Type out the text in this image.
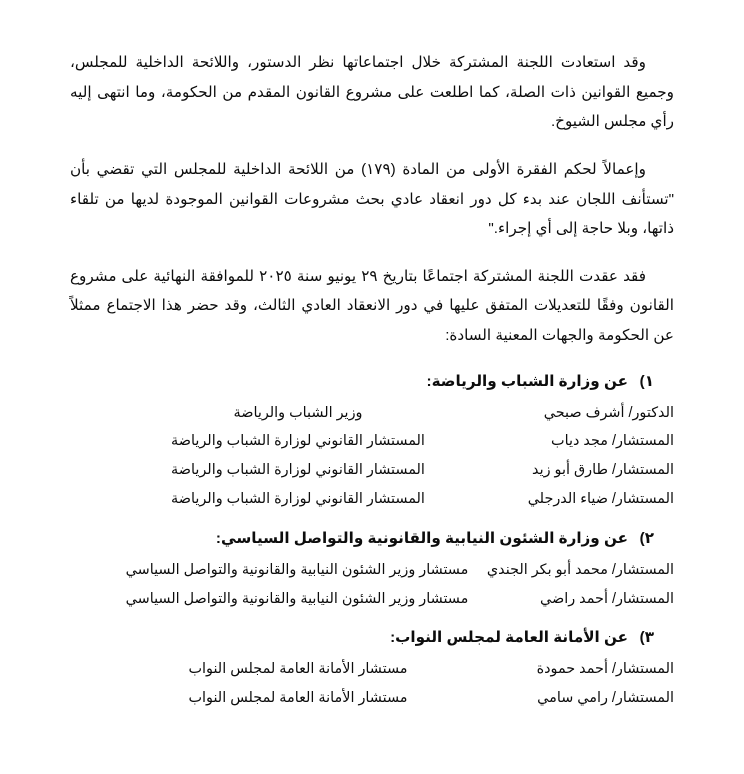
وقد استعادت اللجنة المشتركة خلال اجتماعاتها نظر الدستور، واللائحة الداخلية للمجلس، وجميع القوانين ذات الصلة، كما اطلعت على مشروع القانون المقدم من الحكومة، وما انتهى إليه رأي مجلس الشيوخ.

وإعمالاً لحكم الفقرة الأولى من المادة (١٧٩) من اللائحة الداخلية للمجلس التي تقضي بأن "تستأنف اللجان عند بدء كل دور انعقاد عادي بحث مشروعات القوانين الموجودة لديها من تلقاء ذاتها، وبلا حاجة إلى أي إجراء."

فقد عقدت اللجنة المشتركة اجتماعًا بتاريخ ٢٩ يونيو سنة ٢٠٢٥ للموافقة النهائية على مشروع القانون وفقًا للتعديلات المتفق عليها في دور الانعقاد العادي الثالث، وقد حضر هذا الاجتماع ممثلاً عن الحكومة والجهات المعنية السادة:

١)
عن وزارة الشباب والرياضة:
الدكتور/ أشرف صبحي
وزير الشباب والرياضة
المستشار/ مجد دياب
المستشار القانوني لوزارة الشباب والرياضة
المستشار/ طارق أبو زيد
المستشار القانوني لوزارة الشباب والرياضة
المستشار/ ضياء الدرجلي
المستشار القانوني لوزارة الشباب والرياضة
٢)
عن وزارة الشئون النيابية والقانونية والتواصل السياسي:
المستشار/ محمد أبو بكر الجندي
مستشار وزير الشئون النيابية والقانونية والتواصل السياسي
المستشار/ أحمد راضي
مستشار وزير الشئون النيابية والقانونية والتواصل السياسي
٣)
عن الأمانة العامة لمجلس النواب:
المستشار/ أحمد حمودة
مستشار الأمانة العامة لمجلس النواب
المستشار/ رامي سامي
مستشار الأمانة العامة لمجلس النواب
